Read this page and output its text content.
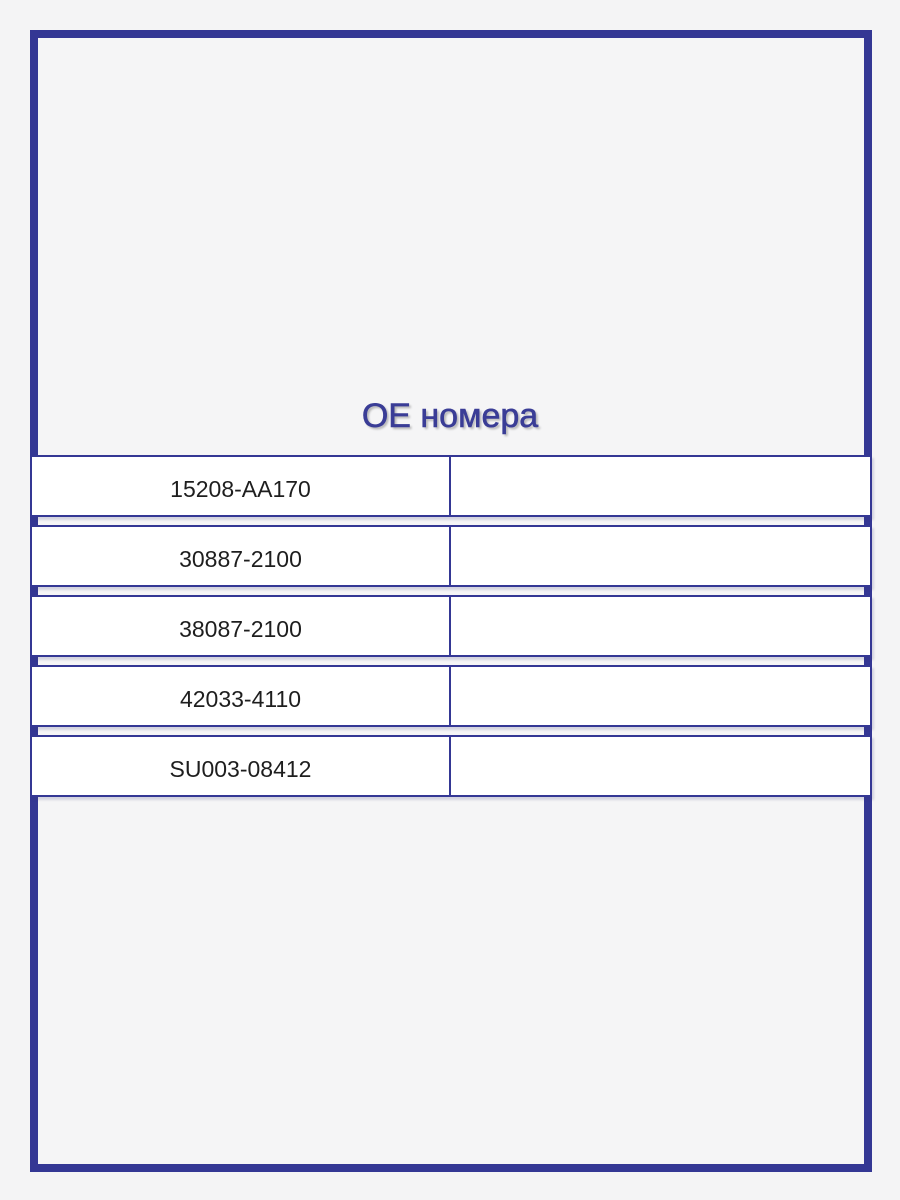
OE номера
15208-AA170
30887-2100
38087-2100
42033-4110
SU003-08412
